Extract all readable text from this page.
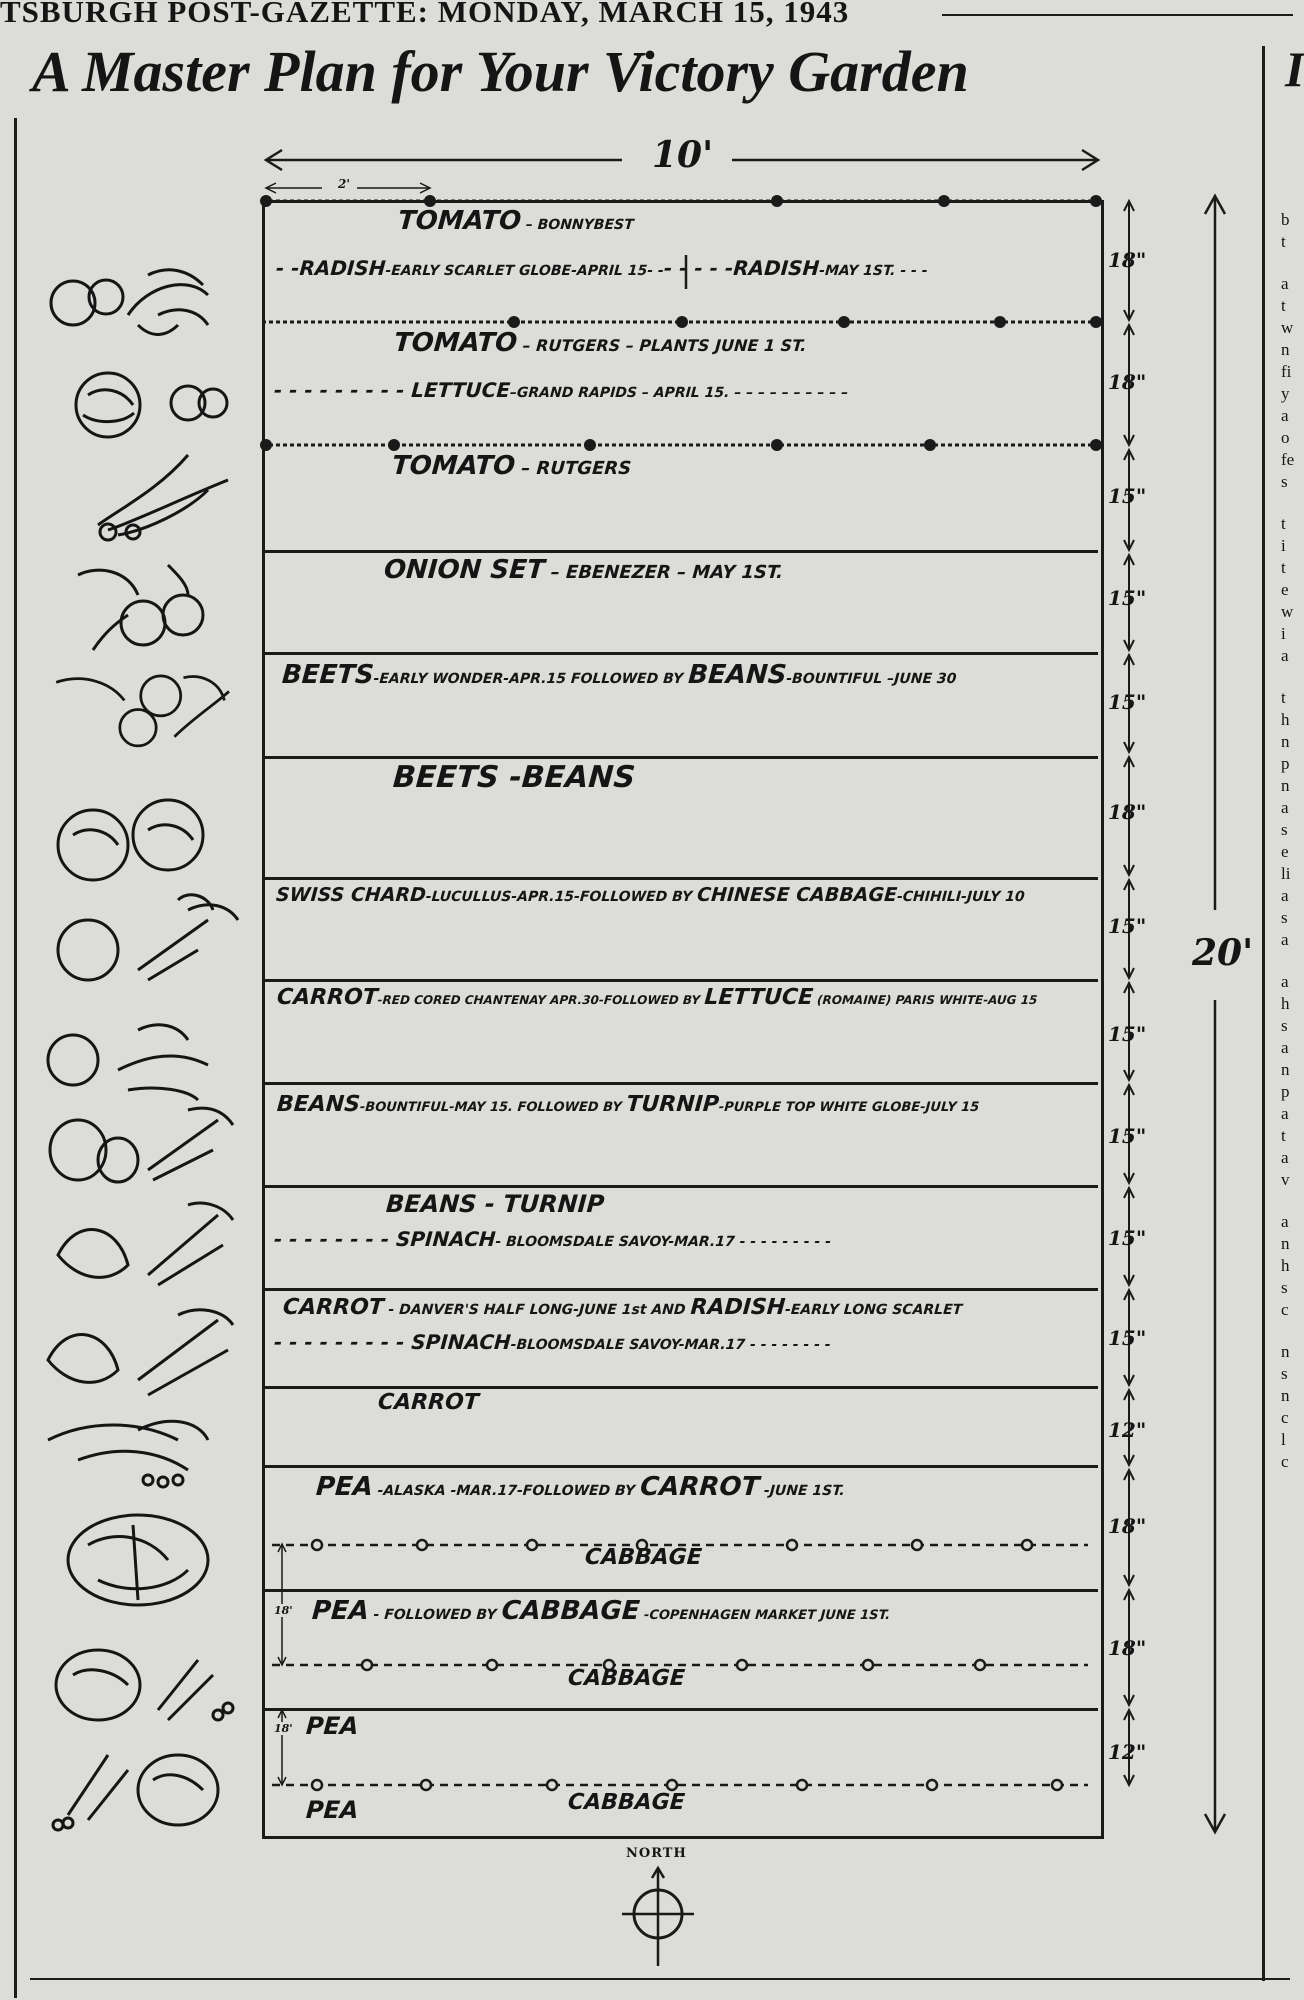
TSBURGH POST-GAZETTE: MONDAY, MARCH 15, 1943
A Master Plan for Your Victory Garden	I
b
t
a
t
w
n
fi
y
a
o
fe
s
t
i
t
e
w
i
a
t
h
n
p
n
a
s
e
li
a
s
a
a
h
s
a
n
p
a
t
a
v
a
n
h
s
c
n
s
n
c
l
c
10'
2'
20'
TOMATO – BONNYBEST
- -RADISH-EARLY SCARLET GLOBE-APRIL 15- -- - - - -RADISH-MAY 1ST. - - -
TOMATO – RUTGERS – PLANTS JUNE 1 ST.
- - - - - - - - - LETTUCE–GRAND RAPIDS – APRIL 15. – – – – – – – – – –
TOMATO – RUTGERS
ONION SET – EBENEZER – MAY 1ST.
BEETS-EARLY WONDER-APR.15 FOLLOWED BY BEANS-BOUNTIFUL –JUNE 30
BEETS -BEANS
SWISS CHARD-LUCULLUS-APR.15-FOLLOWED BY CHINESE CABBAGE-CHIHILI-JULY 10
CARROT-RED CORED CHANTENAY APR.30-FOLLOWED BY LETTUCE (ROMAINE) PARIS WHITE-AUG 15
BEANS-BOUNTIFUL-MAY 15. FOLLOWED BY TURNIP-PURPLE TOP WHITE GLOBE-JULY 15
BEANS - TURNIP
- - - - - - - - SPINACH- BLOOMSDALE SAVOY-MAR.17 - - - - - - - - -
CARROT - DANVER'S HALF LONG-JUNE 1st AND RADISH-EARLY LONG SCARLET
- - - - - - - - - SPINACH-BLOOMSDALE SAVOY-MAR.17 - - - - - - - -
CARROT
PEA -ALASKA -MAR.17-FOLLOWED BY CARROT -JUNE 1ST.
CABBAGE
PEA - FOLLOWED BY CABBAGE -COPENHAGEN MARKET JUNE 1ST.
CABBAGE
PEA
PEA	CABBAGE
18"
18"
15"
15"
15"
18"
15"
15"
15"
15"
15"
12"
18"
18"
12"
18'
18'
NORTH
